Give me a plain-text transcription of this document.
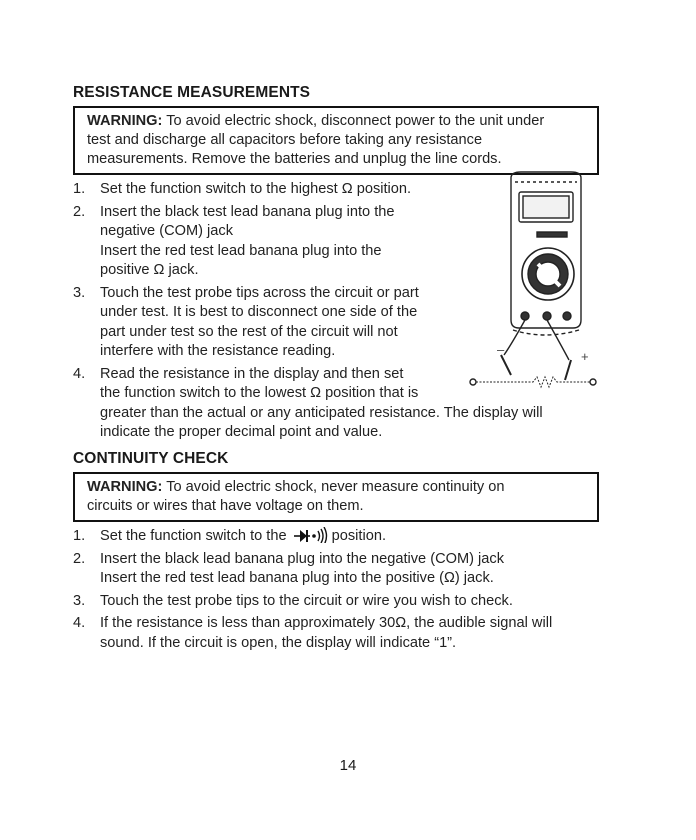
RESISTANCE MEASUREMENTS
WARNING: To avoid electric shock, disconnect power to the unit under
test and discharge all capacitors before taking any resistance
measurements. Remove the batteries and unplug the line cords.
1. Set the function switch to the highest Ω position.
2. Insert the black test lead banana plug into the
negative (COM) jack
Insert the red test lead banana plug into the
positive Ω jack.
3. Touch the test probe tips across the circuit or part
under test. It is best to disconnect one side of the
part under test so the rest of the circuit will not
interfere with the resistance reading.
4. Read the resistance in the display and then set
the function switch to the lowest Ω position that is
greater than the actual or any anticipated resistance. The display will
indicate the proper decimal point and value.
–	+
CONTINUITY CHECK
WARNING: To avoid electric shock, never measure continuity on
circuits or wires that have voltage on them.
1. Set the function switch to the	position.
2. Insert the black lead banana plug into the negative (COM) jack
Insert the red test lead banana plug into the positive (Ω) jack.
3. Touch the test probe tips to the circuit or wire you wish to check.
4. If the resistance is less than approximately 30Ω, the audible signal will
sound. If the circuit is open, the display will indicate “1”.
14
